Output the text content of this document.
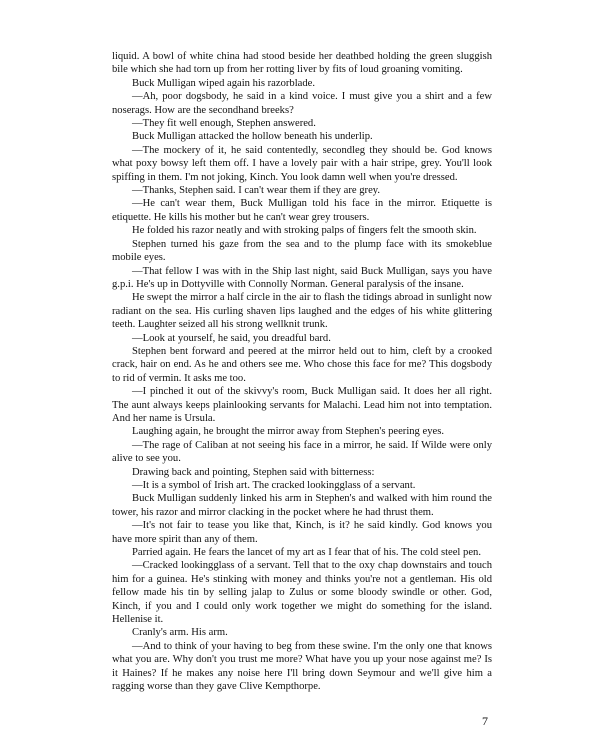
liquid. A bowl of white china had stood beside her deathbed holding the green sluggish bile which she had torn up from her rotting liver by fits of loud groaning vomiting.

Buck Mulligan wiped again his razorblade.

—Ah, poor dogsbody, he said in a kind voice. I must give you a shirt and a few noserags. How are the secondhand breeks?

—They fit well enough, Stephen answered.

Buck Mulligan attacked the hollow beneath his underlip.

—The mockery of it, he said contentedly, secondleg they should be. God knows what poxy bowsy left them off. I have a lovely pair with a hair stripe, grey. You'll look spiffing in them. I'm not joking, Kinch. You look damn well when you're dressed.

—Thanks, Stephen said. I can't wear them if they are grey.

—He can't wear them, Buck Mulligan told his face in the mirror. Etiquette is etiquette. He kills his mother but he can't wear grey trousers.

He folded his razor neatly and with stroking palps of fingers felt the smooth skin.

Stephen turned his gaze from the sea and to the plump face with its smokeblue mobile eyes.

—That fellow I was with in the Ship last night, said Buck Mulligan, says you have g.p.i. He's up in Dottyville with Connolly Norman. General paralysis of the insane.

He swept the mirror a half circle in the air to flash the tidings abroad in sunlight now radiant on the sea. His curling shaven lips laughed and the edges of his white glittering teeth. Laughter seized all his strong wellknit trunk.

—Look at yourself, he said, you dreadful bard.

Stephen bent forward and peered at the mirror held out to him, cleft by a crooked crack, hair on end. As he and others see me. Who chose this face for me? This dogsbody to rid of vermin. It asks me too.

—I pinched it out of the skivvy's room, Buck Mulligan said. It does her all right. The aunt always keeps plainlooking servants for Malachi. Lead him not into temptation. And her name is Ursula.

Laughing again, he brought the mirror away from Stephen's peering eyes.

—The rage of Caliban at not seeing his face in a mirror, he said. If Wilde were only alive to see you.

Drawing back and pointing, Stephen said with bitterness:

—It is a symbol of Irish art. The cracked lookingglass of a servant.

Buck Mulligan suddenly linked his arm in Stephen's and walked with him round the tower, his razor and mirror clacking in the pocket where he had thrust them.

—It's not fair to tease you like that, Kinch, is it? he said kindly. God knows you have more spirit than any of them.

Parried again. He fears the lancet of my art as I fear that of his. The cold steel pen.

—Cracked lookingglass of a servant. Tell that to the oxy chap downstairs and touch him for a guinea. He's stinking with money and thinks you're not a gentleman. His old fellow made his tin by selling jalap to Zulus or some bloody swindle or other. God, Kinch, if you and I could only work together we might do something for the island. Hellenise it.

Cranly's arm. His arm.

—And to think of your having to beg from these swine. I'm the only one that knows what you are. Why don't you trust me more? What have you up your nose against me? Is it Haines? If he makes any noise here I'll bring down Seymour and we'll give him a ragging worse than they gave Clive Kempthorpe.

7
